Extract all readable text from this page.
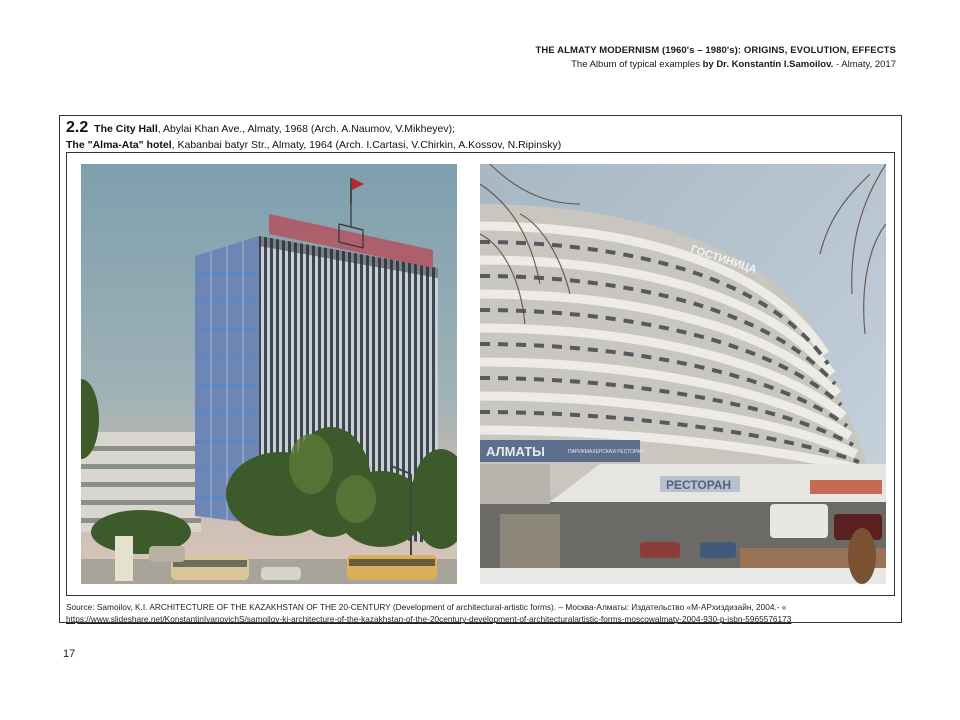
THE ALMATY MODERNISM (1960's – 1980's): ORIGINS, EVOLUTION, EFFECTS
The Album of typical examples by Dr. Konstantin I.Samoilov. - Almaty, 2017
2.2 The City Hall, Abylai Khan Ave., Almaty, 1968 (Arch. A.Naumov, V.Mikheyev);
The "Alma-Ata" hotel, Kabanbai batyr Str., Almaty, 1964 (Arch. I.Cartasi, V.Chirkin, A.Kossov, N.Ripinsky)
ГОСТИНИЦА
АЛМАТЫ	ПАРИКМАХЕРСКАЯ РЕСТОРАН
РЕСТОРАН
Source: Samoilov, K.I. ARCHITECTURE OF THE KAZAKHSTAN OF THE 20-CENTURY (Development of architectural-artistic forms). – Москва-Алматы: Издательство «М-АРхиздизайн, 2004.- «
https://www.slideshare.net/KonstantinIvanovichS/samoilov-ki-architecture-of-the-kazakhstan-of-the-20century-development-of-architecturalartistic-forms-moscowalmaty-2004-930-p-isbn-5965576173
17
